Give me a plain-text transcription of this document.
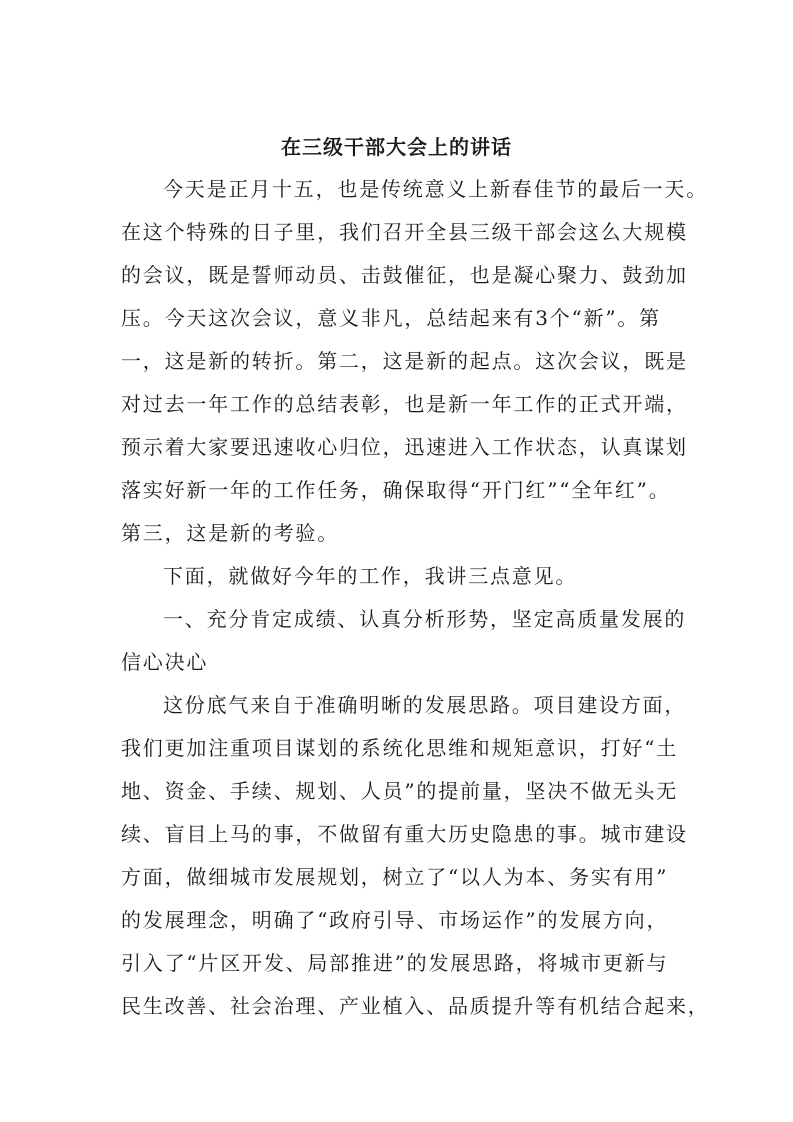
在三级干部大会上的讲话
今天是正月十五，也是传统意义上新春佳节的最后一天。
在这个特殊的日子里，我们召开全县三级干部会这么大规模
的会议，既是誓师动员、击鼓催征，也是凝心聚力、鼓劲加
压。今天这次会议，意义非凡，总结起来有3个“新”。第
一，这是新的转折。第二，这是新的起点。这次会议，既是
对过去一年工作的总结表彰，也是新一年工作的正式开端，
预示着大家要迅速收心归位，迅速进入工作状态，认真谋划
落实好新一年的工作任务，确保取得“开门红”“全年红”。
第三，这是新的考验。
下面，就做好今年的工作，我讲三点意见。
一、充分肯定成绩、认真分析形势，坚定高质量发展的
信心决心
这份底气来自于准确明晰的发展思路。项目建设方面，
我们更加注重项目谋划的系统化思维和规矩意识，打好“土
地、资金、手续、规划、人员”的提前量，坚决不做无头无
续、盲目上马的事，不做留有重大历史隐患的事。城市建设
方面，做细城市发展规划，树立了“以人为本、务实有用”
的发展理念，明确了“政府引导、市场运作”的发展方向，
引入了“片区开发、局部推进”的发展思路，将城市更新与
民生改善、社会治理、产业植入、品质提升等有机结合起来，
